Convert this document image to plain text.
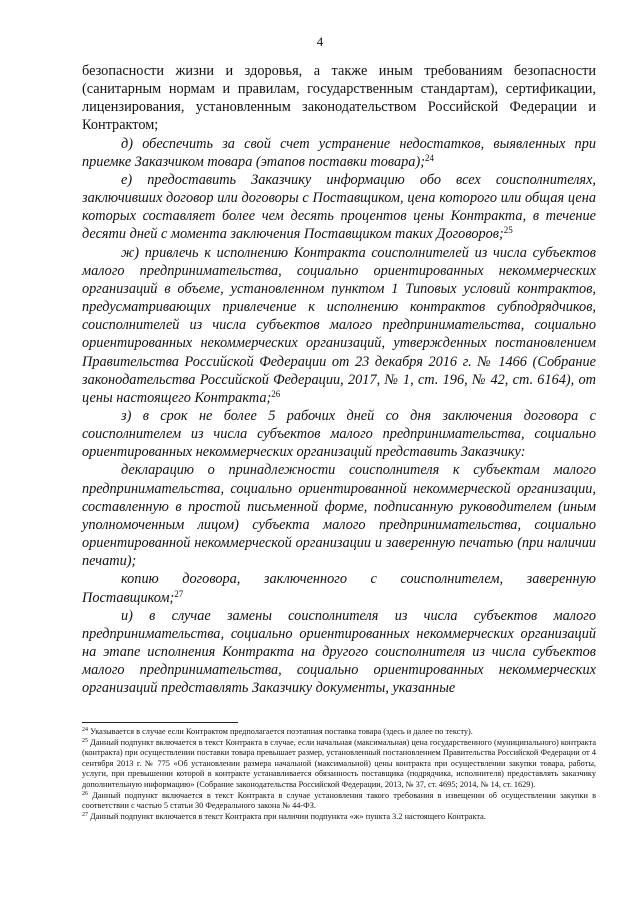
4

безопасности жизни и здоровья, а также иным требованиям безопасности (санитарным нормам и правилам, государственным стандартам), сертификации, лицензирования, установленным законодательством Российской Федерации и Контрактом;

д) обеспечить за свой счет устранение недостатков, выявленных при приемке Заказчиком товара (этапов поставки товара);$^{24}$

е) предоставить Заказчику информацию обо всех соисполнителях, заключивших договор или договоры с Поставщиком, цена которого или общая цена которых составляет более чем десять процентов цены Контракта, в течение десяти дней с момента заключения Поставщиком таких Договоров;$^{25}$

ж) привлечь к исполнению Контракта соисполнителей из числа субъектов малого предпринимательства, социально ориентированных некоммерческих организаций в объеме, установленном пунктом 1 Типовых условий контрактов, предусматривающих привлечение к исполнению контрактов субподрядчиков, соисполнителей из числа субъектов малого предпринимательства, социально ориентированных некоммерческих организаций, утвержденных постановлением Правительства Российской Федерации от 23 декабря 2016 г. № 1466 (Собрание законодательства Российской Федерации, 2017, № 1, ст. 196, № 42, ст. 6164), от цены настоящего Контракта;$^{26}$

з) в срок не более 5 рабочих дней со дня заключения договора с соисполнителем из числа субъектов малого предпринимательства, социально ориентированных некоммерческих организаций представить Заказчику:

декларацию о принадлежности соисполнителя к субъектам малого предпринимательства, социально ориентированной некоммерческой организации, составленную в простой письменной форме, подписанную руководителем (иным уполномоченным лицом) субъекта малого предпринимательства, социально ориентированной некоммерческой организации и заверенную печатью (при наличии печати);

копию договора, заключенного с соисполнителем, заверенную Поставщиком;$^{27}$

и) в случае замены соисполнителя из числа субъектов малого предпринимательства, социально ориентированных некоммерческих организаций на этапе исполнения Контракта на другого соисполнителя из числа субъектов малого предпринимательства, социально ориентированных некоммерческих организаций представлять Заказчику документы, указанные

$^{24}$ Указывается в случае если Контрактом предполагается поэтапная поставка товара (здесь и далее по тексту).

$^{25}$ Данный подпункт включается в текст Контракта в случае, если начальная (максимальная) цена государственного (муниципального) контракта (контракта) при осуществлении поставки товара превышает размер, установленный постановлением Правительства Российской Федерации от 4 сентября 2013 г. № 775 «Об установлении размера начальной (максимальной) цены контракта при осуществлении закупки товара, работы, услуги, при превышении которой в контракте устанавливается обязанность поставщика (подрядчика, исполнителя) предоставлять заказчику дополнительную информацию» (Собрание законодательства Российской Федерации, 2013, № 37, ст. 4695; 2014, № 14, ст. 1629).

$^{26}$ Данный подпункт включается в текст Контракта в случае установления такого требования в извещении об осуществлении закупки в соответствии с частью 5 статьи 30 Федерального закона № 44-ФЗ.

$^{27}$ Данный подпункт включается в текст Контракта при наличии подпункта «ж» пункта 3.2 настоящего Контракта.
